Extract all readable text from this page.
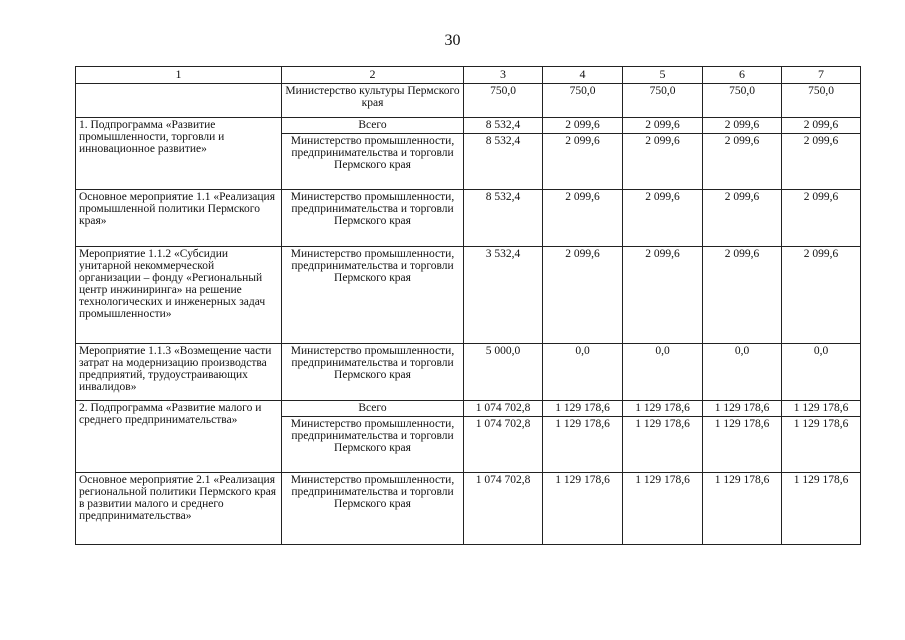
30
1	2	3	4	5	6	7
	Министерство культуры Пермского края	750,0	750,0	750,0	750,0	750,0
1. Подпрограмма «Развитие промышленности, торговли и инновационное развитие»	Всего	8 532,4	2 099,6	2 099,6	2 099,6	2 099,6
	Министерство промышленности, предпринимательства и торговли Пермского края	8 532,4	2 099,6	2 099,6	2 099,6	2 099,6
Основное мероприятие 1.1 «Реализация промышленной политики Пермского края»	Министерство промышленности, предпринимательства и торговли Пермского края	8 532,4	2 099,6	2 099,6	2 099,6	2 099,6
Мероприятие 1.1.2 «Субсидии унитарной некоммерческой организации – фонду «Региональный центр инжиниринга» на решение технологических и инженерных задач промышленности»	Министерство промышленности, предпринимательства и торговли Пермского края	3 532,4	2 099,6	2 099,6	2 099,6	2 099,6
Мероприятие 1.1.3 «Возмещение части затрат на модернизацию производства предприятий, трудоустраивающих инвалидов»	Министерство промышленности, предпринимательства и торговли Пермского края	5 000,0	0,0	0,0	0,0	0,0
2. Подпрограмма «Развитие малого и среднего предпринимательства»	Всего	1 074 702,8	1 129 178,6	1 129 178,6	1 129 178,6	1 129 178,6
	Министерство промышленности, предпринимательства и торговли Пермского края	1 074 702,8	1 129 178,6	1 129 178,6	1 129 178,6	1 129 178,6
Основное мероприятие 2.1 «Реализация региональной политики Пермского края в развитии малого и среднего предпринимательства»	Министерство промышленности, предпринимательства и торговли Пермского края	1 074 702,8	1 129 178,6	1 129 178,6	1 129 178,6	1 129 178,6
